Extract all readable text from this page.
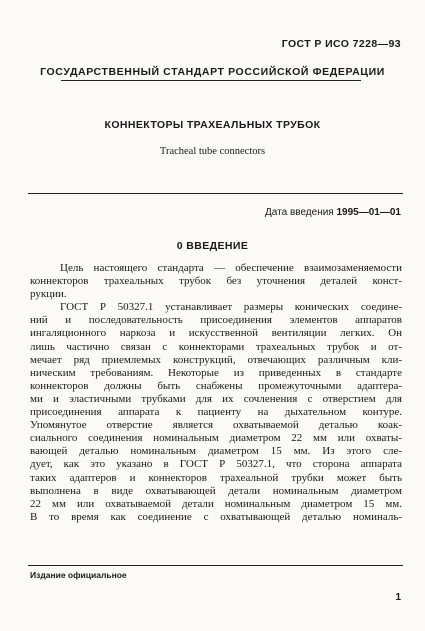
ГОСТ Р ИСО 7228—93
ГОСУДАРСТВЕННЫЙ СТАНДАРТ РОССИЙСКОЙ ФЕДЕРАЦИИ
КОННЕКТОРЫ ТРАХЕАЛЬНЫХ ТРУБОК
Tracheal tube connectors
Дата введения 1995—01—01
0 ВВЕДЕНИЕ
Цель настоящего стандарта — обеспечение взаимозаменяемости
коннекторов трахеальных трубок без уточнения деталей конст-
рукции.
ГОСТ Р 50327.1 устанавливает размеры конических соедине-
ний и последовательность присоединения элементов аппаратов
ингаляционного наркоза и искусственной вентиляции легких. Он
лишь частично связан с коннекторами трахеальных трубок и от-
мечает ряд приемлемых конструкций, отвечающих различным кли-
ническим требованиям. Некоторые из приведенных в стандарте
коннекторов должны быть снабжены промежуточными адаптера-
ми и эластичными трубками для их сочленения с отверстием для
присоединения аппарата к пациенту на дыхательном контуре.
Упомянутое отверстие является охватываемой деталью коак-
сиального соединения номинальным диаметром 22 мм или охваты-
вающей деталью номинальным диаметром 15 мм. Из этого сле-
дует, как это указано в ГОСТ Р 50327.1, что сторона аппарата
таких адаптеров и коннекторов трахеальной трубки может быть
выполнена в виде охватывающей детали номинальным диаметром
22 мм или охватываемой детали номинальным диаметром 15 мм.
В то время как соединение с охватывающей деталью номиналь-
Издание официальное
1
